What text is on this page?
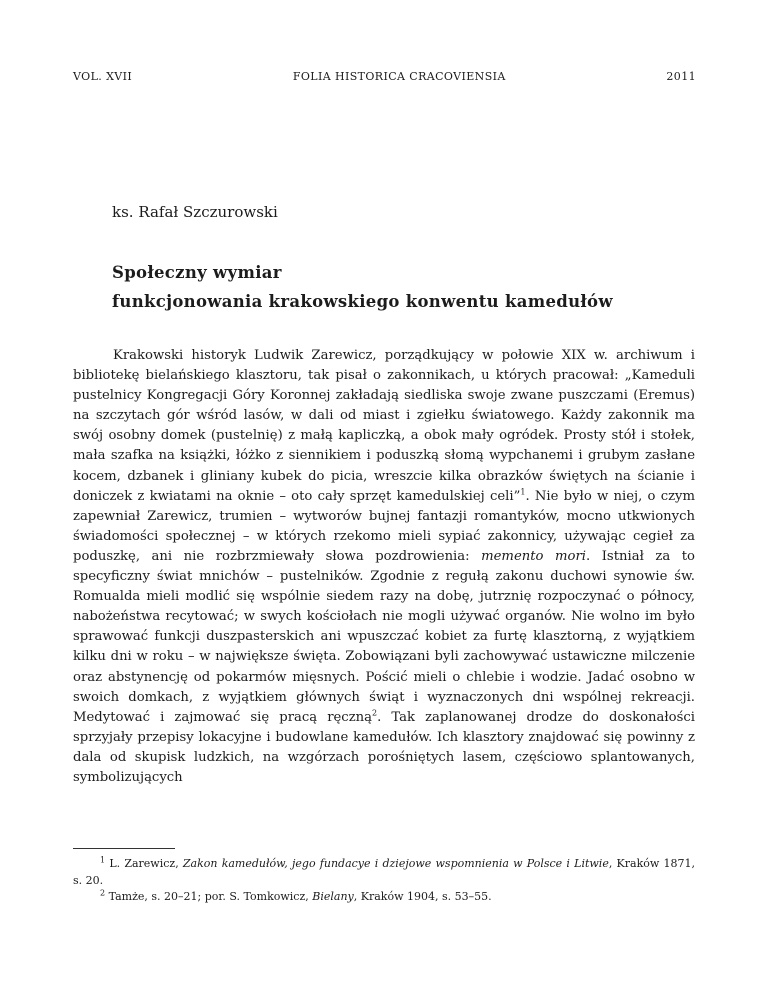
VOL. XVII	FOLIA HISTORICA CRACOVIENSIA	2011
ks. Rafał Szczurowski
Społeczny wymiar
funkcjonowania krakowskiego konwentu kamedułów

Krakowski historyk Ludwik Zarewicz, porządkujący w połowie XIX w. archiwum i bibliotekę bielańskiego klasztoru, tak pisał o zakonnikach, u których pracował: „Kameduli pustelnicy Kongregacji Góry Koronnej zakładają siedliska swoje zwane puszczami (Eremus) na szczytach gór wśród lasów, w dali od miast i zgiełku światowego. Każdy zakonnik ma swój osobny domek (pustelnię) z małą kapliczką, a obok mały ogródek. Prosty stół i stołek, mała szafka na książki, łóżko z siennikiem i poduszką słomą wypchanemi i grubym zasłane kocem, dzbanek i gliniany kubek do picia, wreszcie kilka obrazków świętych na ścianie i doniczek z kwiatami na oknie – oto cały sprzęt kamedulskiej celi”$^1$. Nie było w niej, o czym zapewniał Zarewicz, trumien – wytworów bujnej fantazji romantyków, mocno utkwionych świadomości społecznej – w których rzekomo mieli sypiać zakonnicy, używając cegieł za poduszkę, ani nie rozbrzmiewały słowa pozdrowienia: memento mori. Istniał za to specyficzny świat mnichów – pustelników. Zgodnie z regułą zakonu duchowi synowie św. Romualda mieli modlić się wspólnie siedem razy na dobę, jutrznię rozpoczynać o północy, nabożeństwa recytować; w swych kościołach nie mogli używać organów. Nie wolno im było sprawować funkcji duszpasterskich ani wpuszczać kobiet za furtę klasztorną, z wyjątkiem kilku dni w roku – w największe święta. Zobowiązani byli zachowywać ustawiczne milczenie oraz abstynencję od pokarmów mięsnych. Pościć mieli o chlebie i wodzie. Jadać osobno w swoich domkach, z wyjątkiem głównych świąt i wyznaczonych dni wspólnej rekreacji. Medytować i zajmować się pracą ręczną$^2$. Tak zaplanowanej drodze do doskonałości sprzyjały przepisy lokacyjne i budowlane kamedułów. Ich klasztory znajdować się powinny z dala od skupisk ludzkich, na wzgórzach porośniętych lasem, częściowo splantowanych, symbolizujących

$^1$ L. Zarewicz, Zakon kamedułów, jego fundacye i dziejowe wspomnienia w Polsce i Litwie, Kraków 1871, s. 20.

$^2$ Tamże, s. 20–21; por. S. Tomkowicz, Bielany, Kraków 1904, s. 53–55.
